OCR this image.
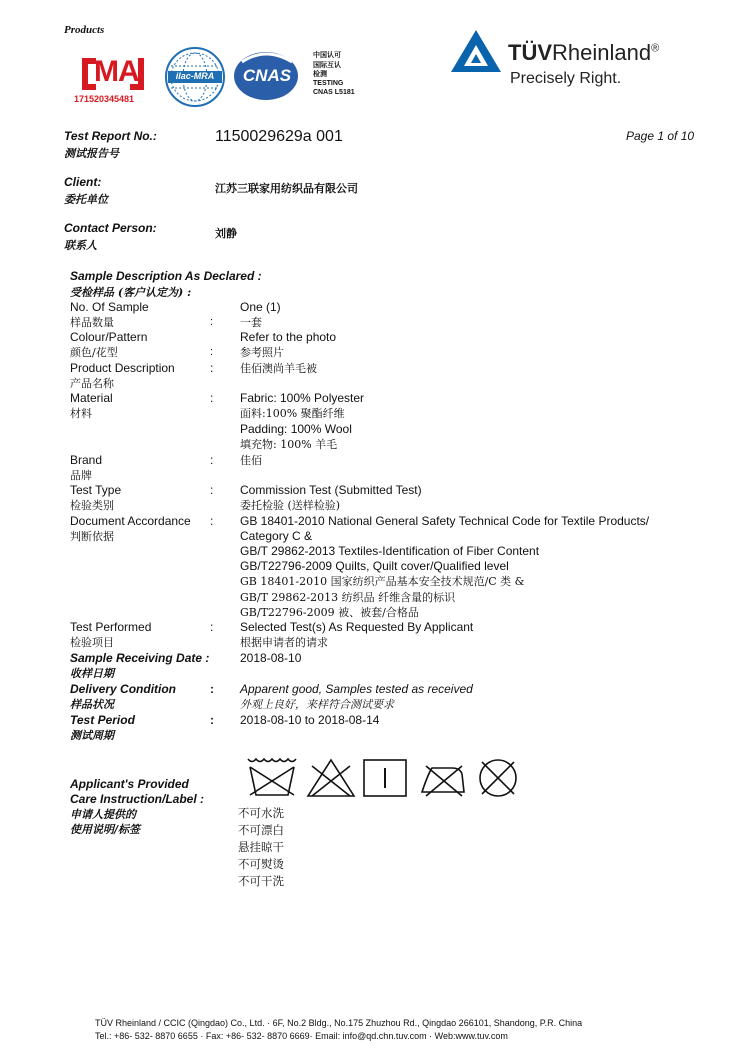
Products
MA
171520345481
ilac-MRA	CNAS
中国认可
国际互认
检测
TESTING
CNAS L5181
TÜVRheinland®
Precisely Right.
Test Report No.:
测试报告号
1150029629a 001	Page 1 of 10
Client:
委托单位
江苏三联家用纺织品有限公司
Contact Person:
联系人
刘静
Sample Description As Declared :
受检样品 (客户认定为) :
No. Of Sample	One (1)
样品数量	: 一套
Colour/Pattern	Refer to the photo
颜色/花型	: 参考照片
Product Description	: 佳佰澳尚羊毛被
产品名称
Material	: Fabric: 100% Polyester
材料	面料:100% 聚酯纤维
Padding: 100% Wool
填充物: 100% 羊毛
Brand	: 佳佰
品牌
Test Type	: Commission Test (Submitted Test)
检验类别	委托检验 (送样检验)
Document Accordance : GB 18401-2010 National General Safety Technical Code for Textile Products/
判断依据	Category C &
GB/T 29862-2013 Textiles-Identification of Fiber Content
GB/T22796-2009 Quilts, Quilt cover/Qualified level
GB 18401-2010 国家纺织产品基本安全技术规范/C 类 &
GB/T 29862-2013 纺织品 纤维含量的标识
GB/T22796-2009 被、被套/合格品
Test Performed	: Selected Test(s) As Requested By Applicant
检验项目	根据申请者的请求
Sample Receiving Date :	2018-08-10
收样日期
Delivery Condition	: Apparent good, Samples tested as received
样品状况	外观上良好，来样符合测试要求
Test Period	: 2018-08-10 to 2018-08-14
测试周期
Applicant's Provided
Care Instruction/Label :
申请人提供的
使用说明/标签
不可水洗
不可漂白
悬挂晾干
不可熨烫
不可干洗
TÜV Rheinland / CCIC (Qingdao) Co., Ltd. · 6F, No.2 Bldg., No.175 Zhuzhou Rd., Qingdao 266101, Shandong, P.R. China
Tel.: +86- 532- 8870 6655 · Fax: +86- 532- 8870 6669· Email: info@qd.chn.tuv.com · Web:www.tuv.com
